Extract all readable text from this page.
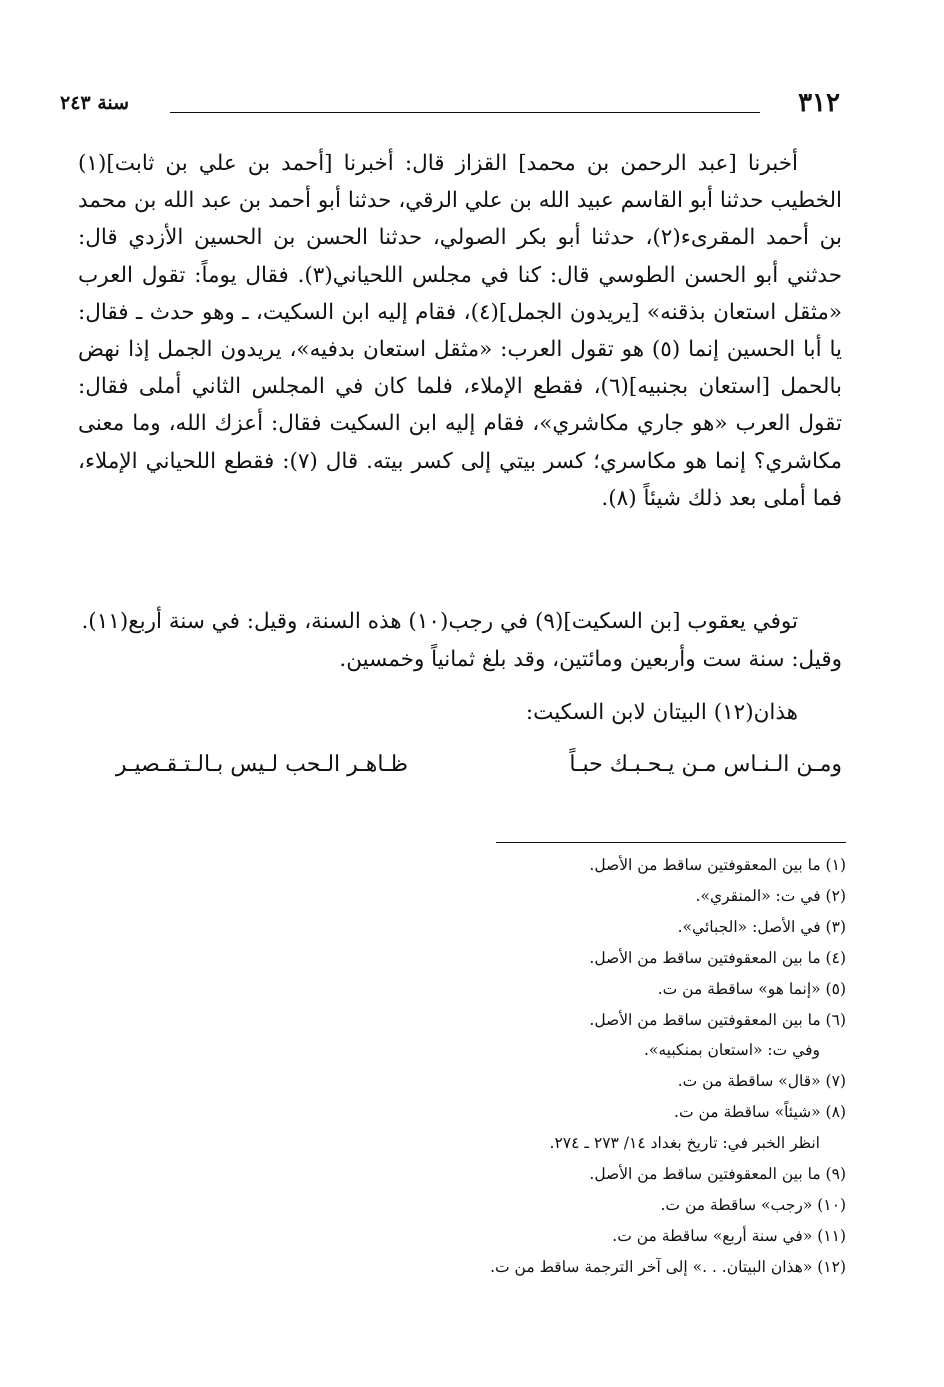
٣١٢
سنة ٢٤٣

أخبرنا [عبد الرحمن بن محمد] القزاز قال: أخبرنا [أحمد بن علي بن ثابت](١) الخطيب حدثنا أبو القاسم عبيد الله بن علي الرقي، حدثنا أبو أحمد بن عبد الله بن محمد بن أحمد المقرىء(٢)، حدثنا أبو بكر الصولي، حدثنا الحسن بن الحسين الأزدي قال: حدثني أبو الحسن الطوسي قال: كنا في مجلس اللحياني(٣). فقال يوماً: تقول العرب «مثقل استعان بذقنه» [يريدون الجمل](٤)، فقام إليه ابن السكيت، ـ وهو حدث ـ فقال: يا أبا الحسين إنما (٥) هو تقول العرب: «مثقل استعان بدفيه»، يريدون الجمل إذا نهض بالحمل [استعان بجنبيه](٦)، فقطع الإملاء، فلما كان في المجلس الثاني أملى فقال: تقول العرب «هو جاري مكاشري»، فقام إليه ابن السكيت فقال: أعزك الله، وما معنى مكاشري؟ إنما هو مكاسري؛ كسر بيتي إلى كسر بيته. قال (٧): فقطع اللحياني الإملاء، فما أملى بعد ذلك شيئاً (٨).

توفي يعقوب [بن السكيت](٩) في رجب(١٠) هذه السنة، وقيل: في سنة أربع(١١).

وقيل: سنة ست وأربعين ومائتين، وقد بلغ ثمانياً وخمسين.

هذان(١٢) البيتان لابن السكيت:

ومـن الـنـاس مـن يـحـبـك حبـاً
ظـاهـر الـحب لـيس بـالـتـقـصيـر
(١) ما بين المعقوفتين ساقط من الأصل.
(٢) في ت: «المنقري».
(٣) في الأصل: «الجبائي».
(٤) ما بين المعقوفتين ساقط من الأصل.
(٥) «إنما هو» ساقطة من ت.
(٦) ما بين المعقوفتين ساقط من الأصل.
وفي ت: «استعان بمنكبيه».
(٧) «قال» ساقطة من ت.
(٨) «شيئاً» ساقطة من ت.
انظر الخبر في: تاريخ بغداد ١٤/ ٢٧٣ ـ ٢٧٤.
(٩) ما بين المعقوفتين ساقط من الأصل.
(١٠) «رجب» ساقطة من ت.
(١١) «في سنة أربع» ساقطة من ت.
(١٢) «هذان البيتان. . .» إلى آخر الترجمة ساقط من ت.
